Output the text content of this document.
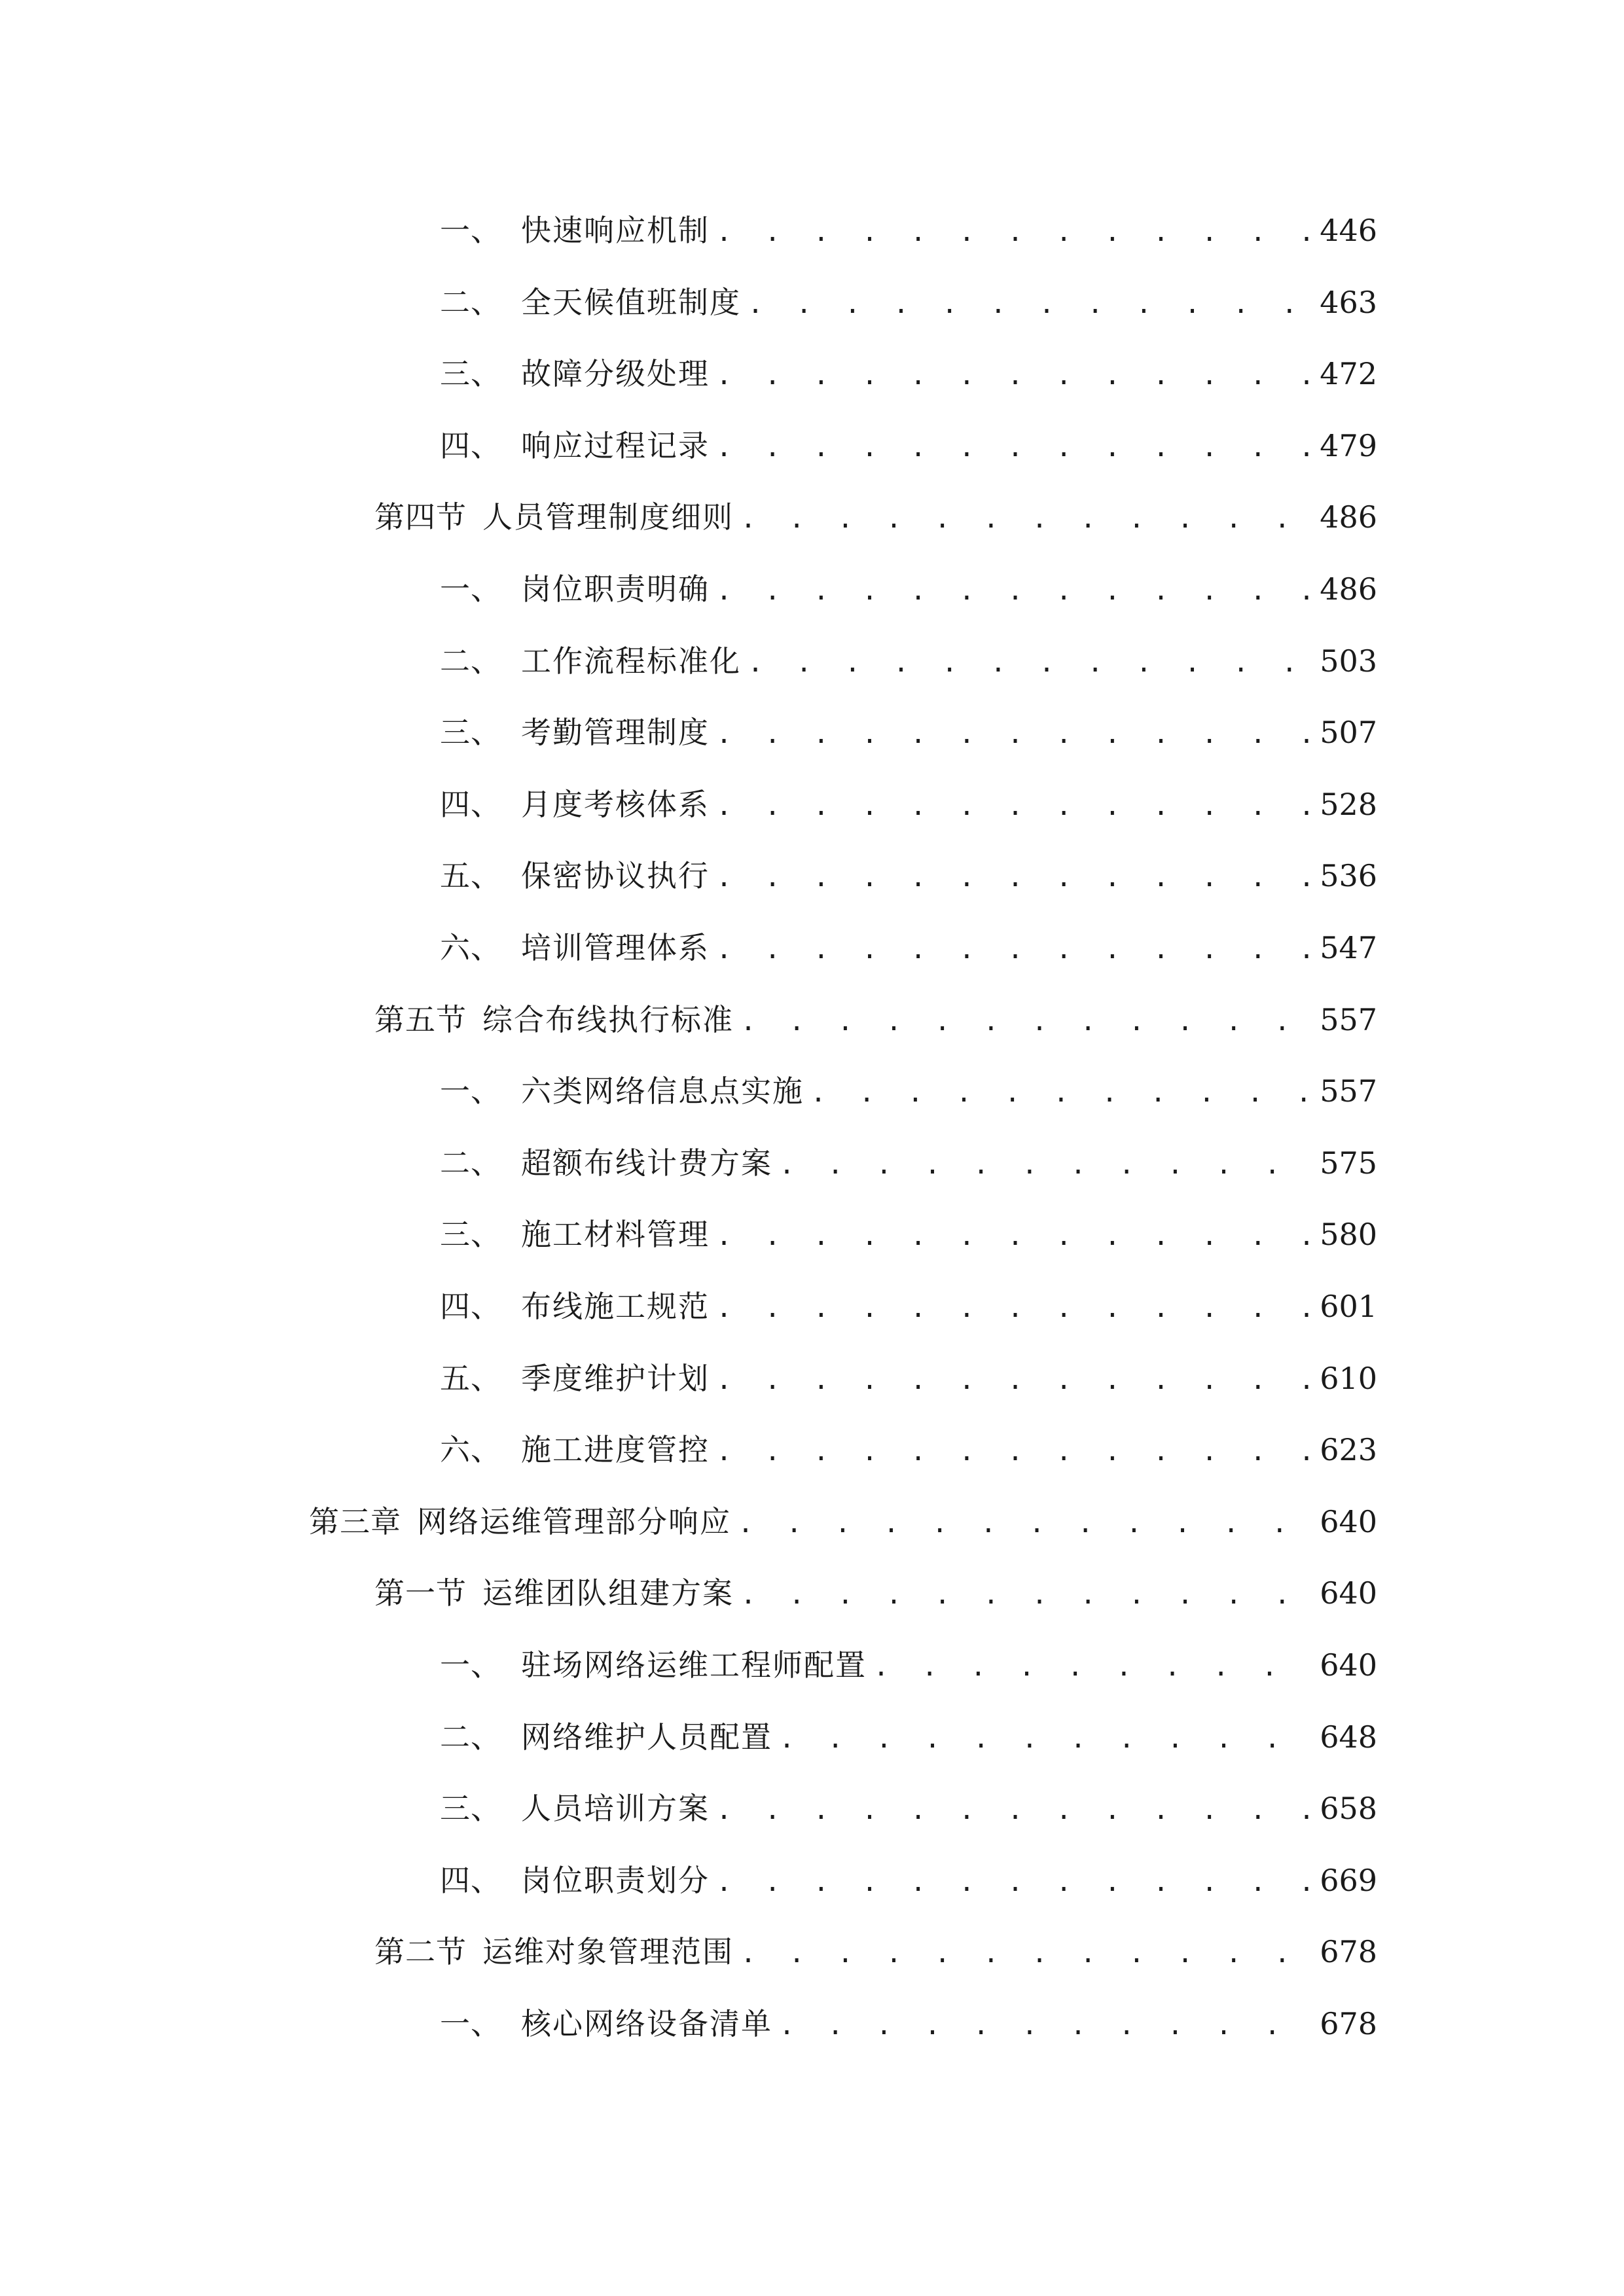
一、 快速响应机制 . . .	446
二、 全天候值班制度 . . .	463
三、 故障分级处理 . . .	472
四、 响应过程记录 . . .	479
第四节 人员管理制度细则 . . .	486
一、 岗位职责明确 . . .	486
二、 工作流程标准化 . . .	503
三、 考勤管理制度 . . .	507
四、 月度考核体系 . . .	528
五、 保密协议执行 . . .	536
六、 培训管理体系 . . .	547
第五节 综合布线执行标准 . . .	557
一、 六类网络信息点实施 . . .	557
二、 超额布线计费方案 . . .	575
三、 施工材料管理 . . .	580
四、 布线施工规范 . . .	601
五、 季度维护计划 . . .	610
六、 施工进度管控 . . .	623
第三章 网络运维管理部分响应 . . .	640
第一节 运维团队组建方案 . . .	640
一、 驻场网络运维工程师配置 . . .	640
二、 网络维护人员配置 . . .	648
三、 人员培训方案 . . .	658
四、 岗位职责划分 . . .	669
第二节 运维对象管理范围 . . .	678
一、 核心网络设备清单 . . .	678
